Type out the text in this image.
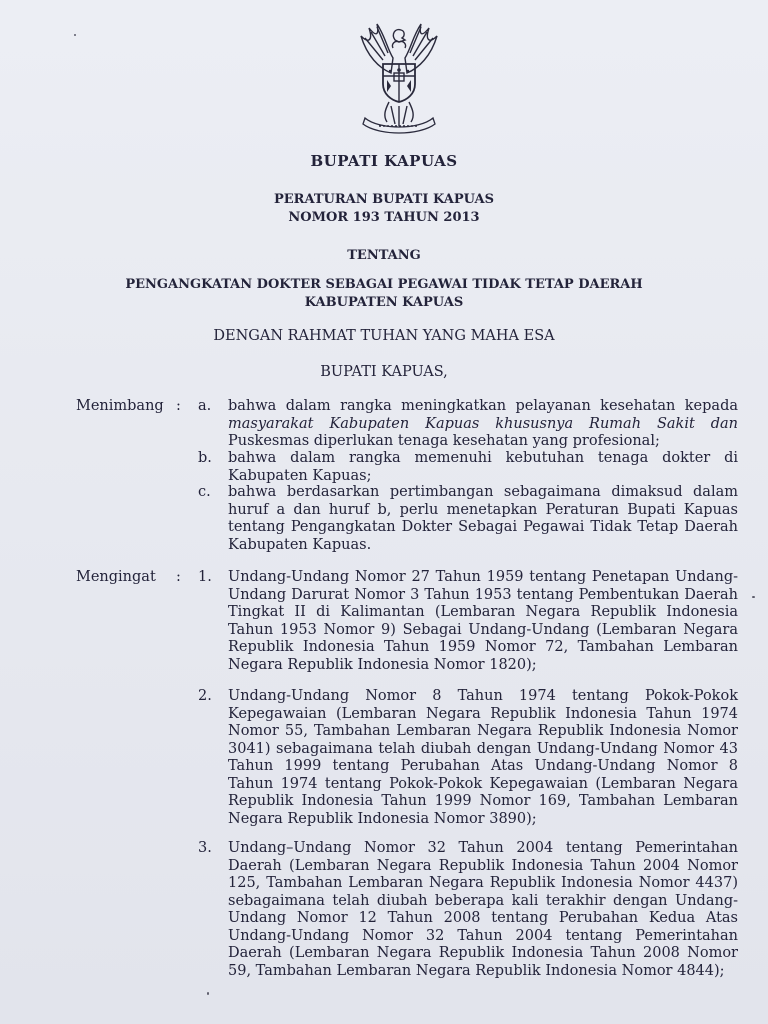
BUPATI KAPUAS
PERATURAN BUPATI KAPUAS
NOMOR 193 TAHUN 2013
TENTANG
PENGANGKATAN DOKTER SEBAGAI PEGAWAI TIDAK TETAP DAERAH
KABUPATEN KAPUAS
DENGAN RAHMAT TUHAN YANG MAHA ESA
BUPATI KAPUAS,
Menimbang : a. bahwa dalam rangka meningkatkan pelayanan kesehatan kepada masyarakat Kabupaten Kapuas khususnya Rumah Sakit dan Puskesmas diperlukan tenaga kesehatan yang profesional;
b. bahwa dalam rangka memenuhi kebutuhan tenaga dokter di Kabupaten Kapuas;
c. bahwa berdasarkan pertimbangan sebagaimana dimaksud dalam huruf a dan huruf b, perlu menetapkan Peraturan Bupati Kapuas tentang Pengangkatan Dokter Sebagai Pegawai Tidak Tetap Daerah Kabupaten Kapuas.
Mengingat : 1. Undang-Undang Nomor 27 Tahun 1959 tentang Penetapan Undang-Undang Darurat Nomor 3 Tahun 1953 tentang Pembentukan Daerah Tingkat II di Kalimantan (Lembaran Negara Republik Indonesia Tahun 1953 Nomor 9) Sebagai Undang-Undang (Lembaran Negara Republik Indonesia Tahun 1959 Nomor 72, Tambahan Lembaran Negara Republik Indonesia Nomor 1820);
2. Undang-Undang Nomor 8 Tahun 1974 tentang Pokok-Pokok Kepegawaian (Lembaran Negara Republik Indonesia Tahun 1974 Nomor 55, Tambahan Lembaran Negara Republik Indonesia Nomor 3041) sebagaimana telah diubah dengan Undang-Undang Nomor 43 Tahun 1999 tentang Perubahan Atas Undang-Undang Nomor 8 Tahun 1974 tentang Pokok-Pokok Kepegawaian (Lembaran Negara Republik Indonesia Tahun 1999 Nomor 169, Tambahan Lembaran Negara Republik Indonesia Nomor 3890);
3. Undang–Undang Nomor 32 Tahun 2004 tentang Pemerintahan Daerah (Lembaran Negara Republik Indonesia Tahun 2004 Nomor 125, Tambahan Lembaran Negara Republik Indonesia Nomor 4437) sebagaimana telah diubah beberapa kali terakhir dengan Undang-Undang Nomor 12 Tahun 2008 tentang Perubahan Kedua Atas Undang-Undang Nomor 32 Tahun 2004 tentang Pemerintahan Daerah (Lembaran Negara Republik Indonesia Tahun 2008 Nomor 59, Tambahan Lembaran Negara Republik Indonesia Nomor 4844);
